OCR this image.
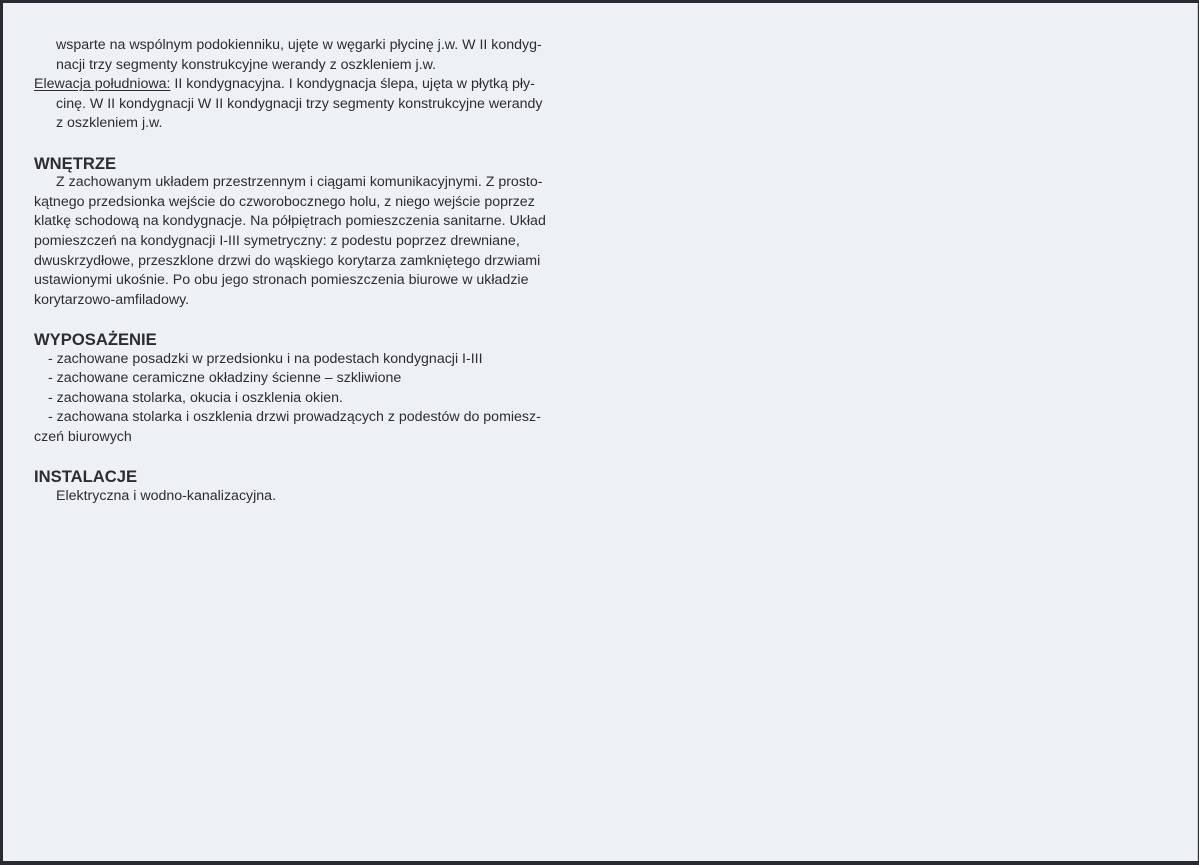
wsparte na wspólnym podokienniku, ujęte w węgarki płycinę j.w. W II kondyg-
nacji trzy segmenty konstrukcyjne werandy z oszkleniem j.w.
Elewacja południowa: II kondygnacyjna. I kondygnacja ślepa, ujęta w płytką pły-
cinę. W II kondygnacji W II kondygnacji trzy segmenty konstrukcyjne werandy
z oszkleniem j.w.
WNĘTRZE
Z zachowanym układem przestrzennym i ciągami komunikacyjnymi. Z prosto-
kątnego przedsionka wejście do czworobocznego holu, z niego wejście poprzez
klatkę schodową na kondygnacje. Na półpiętrach pomieszczenia sanitarne. Układ
pomieszczeń na kondygnacji I-III symetryczny: z podestu poprzez drewniane,
dwuskrzydłowe, przeszklone drzwi do wąskiego korytarza zamkniętego drzwiami
ustawionymi ukośnie. Po obu jego stronach pomieszczenia biurowe w układzie
korytarzowo-amfiladowy.
WYPOSAŻENIE

- zachowane posadzki w przedsionku i na podestach kondygnacji I-III

- zachowane ceramiczne okładziny ścienne – szkliwione

- zachowana stolarka, okucia i oszklenia okien.

- zachowana stolarka i oszklenia drzwi prowadzących z podestów do pomiesz-

czeń biurowych

INSTALACJE

Elektryczna i wodno-kanalizacyjna.
